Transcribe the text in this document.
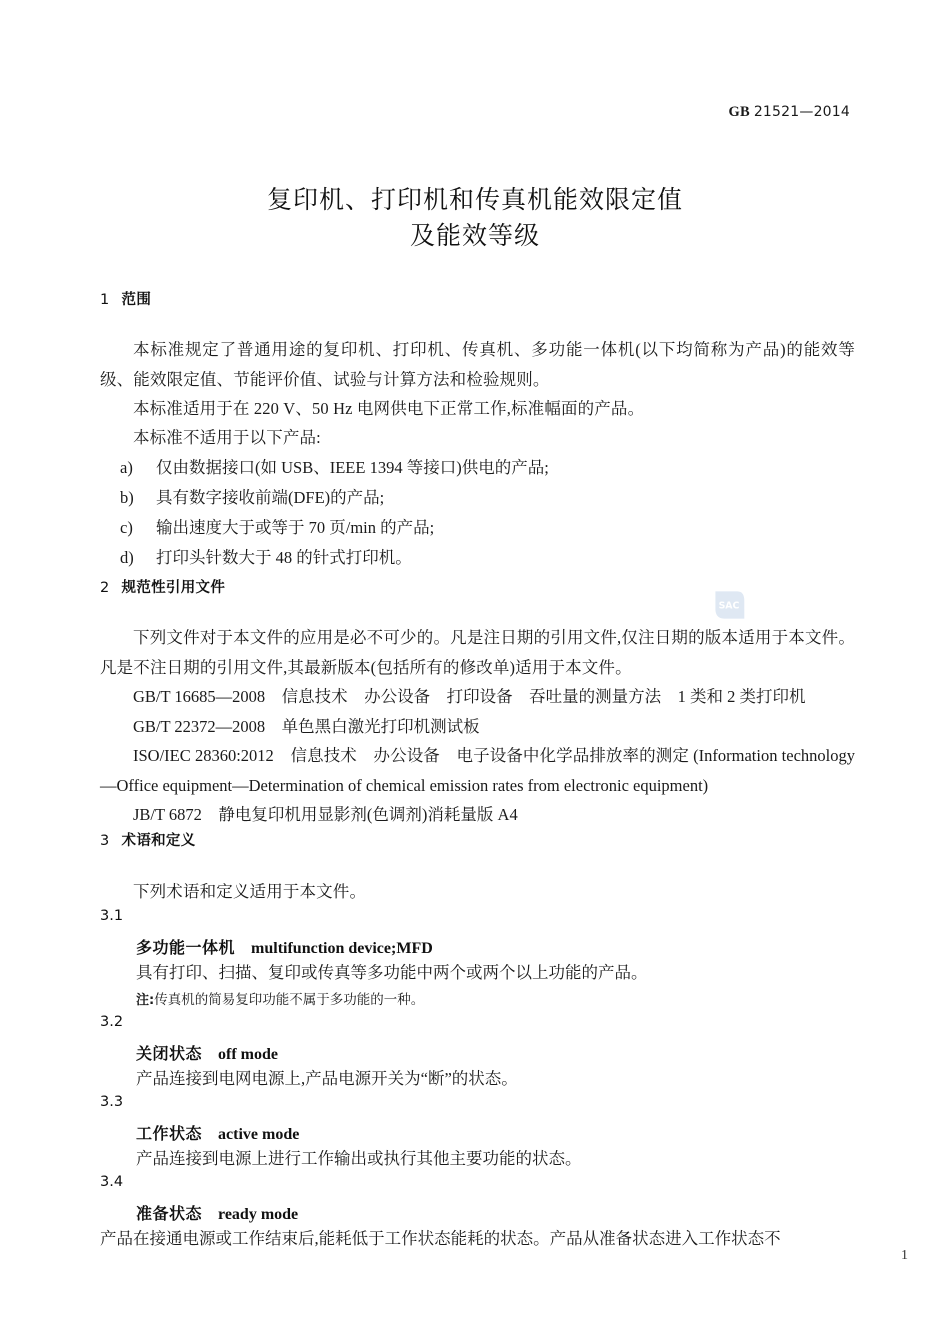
GB 21521—2014
复印机、打印机和传真机能效限定值
及能效等级
SAC
1 范围

本标准规定了普通用途的复印机、打印机、传真机、多功能一体机(以下均简称为产品)的能效等级、能效限定值、节能评价值、试验与计算方法和检验规则。

本标准适用于在 220 V、50 Hz 电网供电下正常工作,标准幅面的产品。

本标准不适用于以下产品:

a) 仅由数据接口(如 USB、IEEE 1394 等接口)供电的产品;

b) 具有数字接收前端(DFE)的产品;

c) 输出速度大于或等于 70 页/min 的产品;

d) 打印头针数大于 48 的针式打印机。

2 规范性引用文件

下列文件对于本文件的应用是必不可少的。凡是注日期的引用文件,仅注日期的版本适用于本文件。凡是不注日期的引用文件,其最新版本(包括所有的修改单)适用于本文件。

GB/T 16685—2008　信息技术　办公设备　打印设备　吞吐量的测量方法　1 类和 2 类打印机

GB/T 22372—2008　单色黑白激光打印机测试板

ISO/IEC 28360:2012　信息技术　办公设备　电子设备中化学品排放率的测定 (Information technology—Office equipment—Determination of chemical emission rates from electronic equipment)

JB/T 6872　静电复印机用显影剂(色调剂)消耗量版 A4

3 术语和定义

下列术语和定义适用于本文件。

3.1

多功能一体机 multifunction device;MFD

具有打印、扫描、复印或传真等多功能中两个或两个以上功能的产品。

注:传真机的简易复印功能不属于多功能的一种。

3.2

关闭状态 off mode

产品连接到电网电源上,产品电源开关为“断”的状态。

3.3

工作状态 active mode

产品连接到电源上进行工作输出或执行其他主要功能的状态。

3.4

准备状态 ready mode

产品在接通电源或工作结束后,能耗低于工作状态能耗的状态。产品从准备状态进入工作状态不

1
